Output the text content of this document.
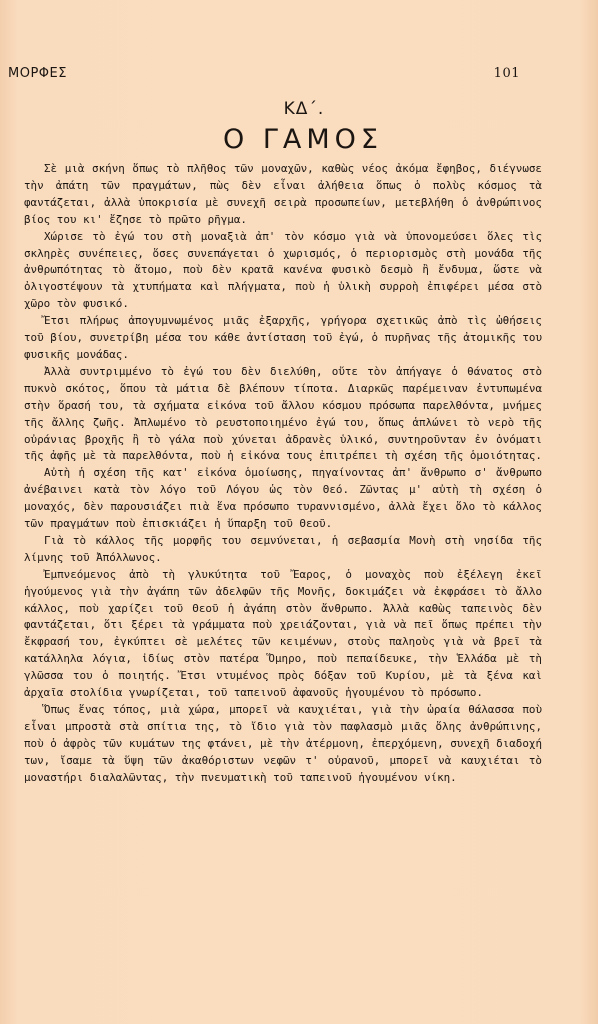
ΜΟΡΦΕΣ	101
ΚΔ΄.
Ο ΓΑΜΟΣ

Σὲ μιὰ σκήνη ὅπως τὸ πλῆθος τῶν μοναχῶν, καθὼς νέος ἀκόμα ἔφηβος, διέγνωσε τὴν ἀπάτη τῶν πραγμάτων, πὼς δὲν εἶναι ἀλήθεια ὅπως ὁ πολὺς κόσμος τὰ φαντάζεται, ἀλλὰ ὑποκρισία μὲ συνεχῆ σειρὰ προσωπείων, μετεβλήθη ὁ ἀνθρώπινος βίος του κι' ἔζησε τὸ πρῶτο ρῆγμα.

Χώρισε τὸ ἐγώ του στὴ μοναξιὰ ἀπ' τὸν κόσμο γιὰ νὰ ὑπονομεύσει ὅλες τὶς σκληρὲς συνέπειες, ὅσες συνεπάγεται ὁ χωρισμός, ὁ περιορισμὸς στὴ μονάδα τῆς ἀνθρωπότητας τὸ ἄτομο, ποὺ δὲν κρατᾶ κανένα φυσικὸ δεσμὸ ἢ ἔνδυμα, ὥστε νὰ ὀλιγοστέψουν τὰ χτυπήματα καὶ πλήγματα, ποὺ ἡ ὑλικὴ συρροὴ ἐπιφέρει μέσα στὸ χῶρο τὸν φυσικό.

Ἔτσι πλήρως ἀπογυμνωμένος μιᾶς ἐξαρχῆς, γρήγορα σχετικῶς ἀπὸ τὶς ὠθήσεις τοῦ βίου, συνετρίβη μέσα του κάθε ἀντίσταση τοῦ ἐγώ, ὁ πυρῆνας τῆς ἀτομικῆς του φυσικῆς μονάδας.

Ἀλλὰ συντριμμένο τὸ ἐγώ του δὲν διελύθη, οὔτε τὸν ἀπήγαγε ὁ θάνατος στὸ πυκνὸ σκότος, ὅπου τὰ μάτια δὲ βλέπουν τίποτα. Διαρκῶς παρέμειναν ἐντυπωμένα στὴν ὅρασή του, τὰ σχήματα εἰκόνα τοῦ ἄλλου κόσμου πρόσωπα παρελθόντα, μνήμες τῆς ἄλλης ζωῆς. Ἀπλωμένο τὸ ρευστοποιημένο ἐγώ του, ὅπως ἁπλώνει τὸ νερὸ τῆς οὐράνιας βροχῆς ἢ τὸ γάλα ποὺ χύνεται ἀδρανὲς ὑλικό, συντηροῦνταν ἐν ὀνόματι τῆς ἀφῆς μὲ τὰ παρελθόντα, ποὺ ἡ εἰκόνα τους ἐπιτρέπει τὴ σχέση τῆς ὁμοιότητας.

Αὐτὴ ἡ σχέση τῆς κατ' εἰκόνα ὁμοίωσης, πηγαίνοντας ἀπ' ἄνθρωπο σ' ἄνθρωπο ἀνέβαινει κατὰ τὸν λόγο τοῦ Λόγου ὡς τὸν Θεό. Ζῶντας μ' αὐτὴ τὴ σχέση ὁ μοναχός, δὲν παρουσιάζει πιὰ ἕνα πρόσωπο τυραννισμένο, ἀλλὰ ἔχει ὅλο τὸ κάλλος τῶν πραγμάτων ποὺ ἐπισκιάζει ἡ ὕπαρξη τοῦ Θεοῦ.

Γιὰ τὸ κάλλος τῆς μορφῆς του σεμνύνεται, ἡ σεβασμία Μονὴ στὴ νησίδα τῆς λίμνης τοῦ Ἀπόλλωνος.

Ἐμπνεόμενος ἀπὸ τὴ γλυκύτητα τοῦ Ἔαρος, ὁ μοναχὸς ποὺ ἐξέλεγη ἐκεῖ ἡγούμενος γιὰ τὴν ἀγάπη τῶν ἀδελφῶν τῆς Μονῆς, δοκιμάζει νὰ ἐκφράσει τὸ ἄλλο κάλλος, ποὺ χαρίζει τοῦ Θεοῦ ἡ ἀγάπη στὸν ἄνθρωπο. Ἀλλὰ καθὼς ταπεινὸς δὲν φαντάζεται, ὅτι ξέρει τὰ γράμματα ποὺ χρειάζονται, γιὰ νὰ πεῖ ὅπως πρέπει τὴν ἔκφρασή του, ἐγκύπτει σὲ μελέτες τῶν κειμένων, στοὺς παληοὺς γιὰ νὰ βρεῖ τὰ κατάλληλα λόγια, ἰδίως στὸν πατέρα Ὅμηρο, ποὺ πεπαίδευκε, τὴν Ἑλλάδα μὲ τὴ γλῶσσα του ὁ ποιητής. Ἔτσι ντυμένος πρὸς δόξαν τοῦ Κυρίου, μὲ τὰ ξένα καὶ ἀρχαῖα στολίδια γνωρίζεται, τοῦ ταπεινοῦ ἀφανοῦς ἡγουμένου τὸ πρόσωπο.

Ὅπως ἕνας τόπος, μιὰ χώρα, μπορεῖ νὰ καυχιέται, γιὰ τὴν ὡραία θάλασσα ποὺ εἶναι μπροστὰ στὰ σπίτια της, τὸ ἴδιο γιὰ τὸν παφλασμὸ μιᾶς ὅλης ἀνθρώπινης, ποὺ ὁ ἀφρὸς τῶν κυμάτων της φτάνει, μὲ τὴν ἀτέρμονη, ἐπερχόμενη, συνεχῆ διαδοχή των, ἴσαμε τὰ ὕψη τῶν ἀκαθόριστων νεφῶν τ' οὐρανοῦ, μπορεῖ νὰ καυχιέται τὸ μοναστήρι διαλαλῶντας, τὴν πνευματικὴ τοῦ ταπεινοῦ ἡγουμένου νίκη.
